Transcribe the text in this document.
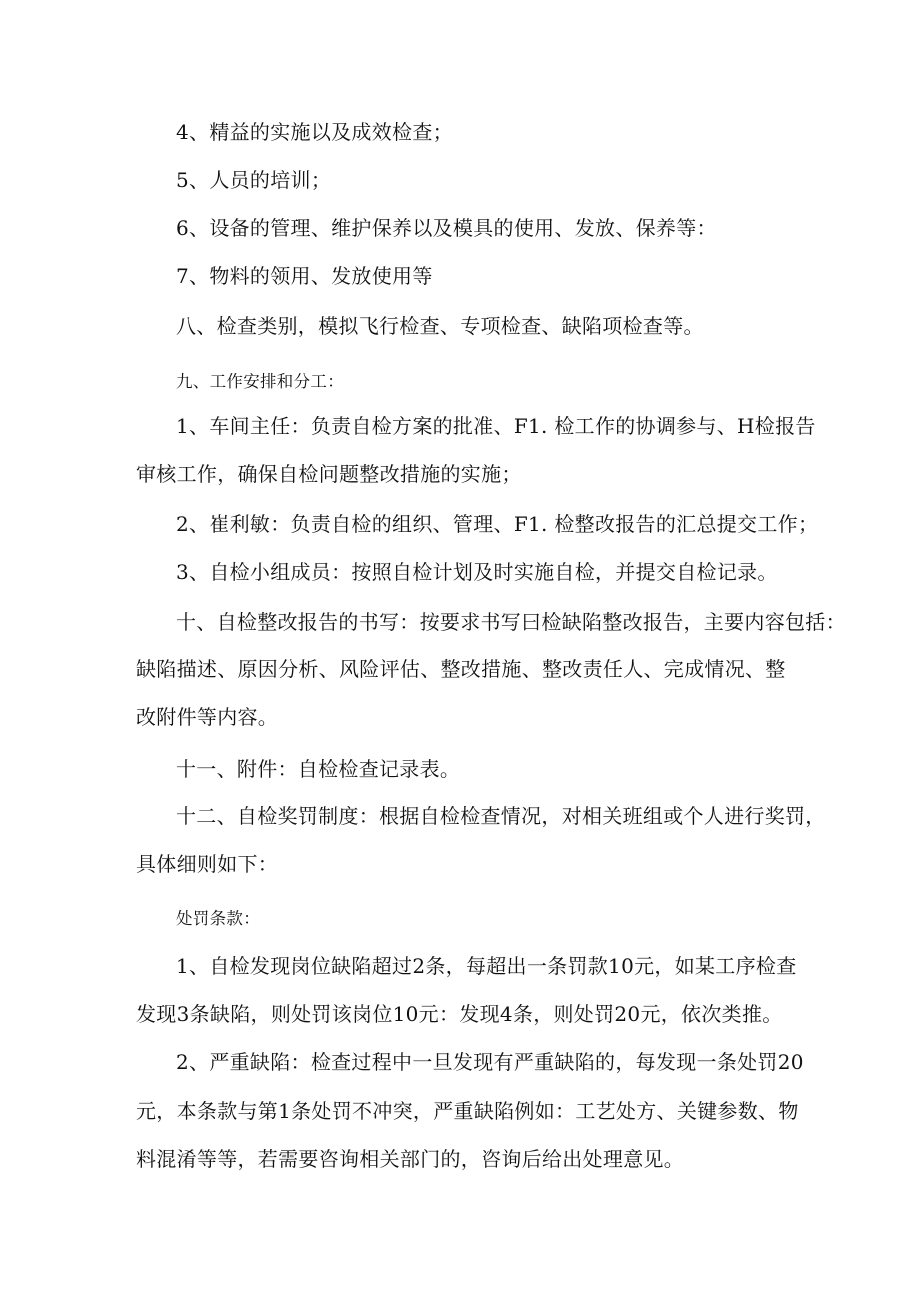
4、精益的实施以及成效检查；

5、人员的培训；

6、设备的管理、维护保养以及模具的使用、发放、保养等：

7、物料的领用、发放使用等

八、检查类别，模拟飞行检查、专项检查、缺陷项检查等。

九、工作安排和分工：

1、车间主任：负责自检方案的批准、F1. 检工作的协调参与、H检报告

审核工作，确保自检问题整改措施的实施；

2、崔利敏：负责自检的组织、管理、F1. 检整改报告的汇总提交工作；

3、自检小组成员：按照自检计划及时实施自检，并提交自检记录。

十、自检整改报告的书写：按要求书写曰检缺陷整改报告，主要内容包括：

缺陷描述、原因分析、风险评估、整改措施、整改责任人、完成情况、整

改附件等内容。

十一、附件：自检检查记录表。

十二、自检奖罚制度：根据自检检查情况，对相关班组或个人进行奖罚，

具体细则如下：

处罚条款：

1、自检发现岗位缺陷超过2条，每超出一条罚款10元，如某工序检查

发现3条缺陷，则处罚该岗位10元：发现4条，则处罚20元，依次类推。

2、严重缺陷：检查过程中一旦发现有严重缺陷的，每发现一条处罚20

元，本条款与第1条处罚不冲突，严重缺陷例如：工艺处方、关键参数、物

料混淆等等，若需要咨询相关部门的，咨询后给出处理意见。
